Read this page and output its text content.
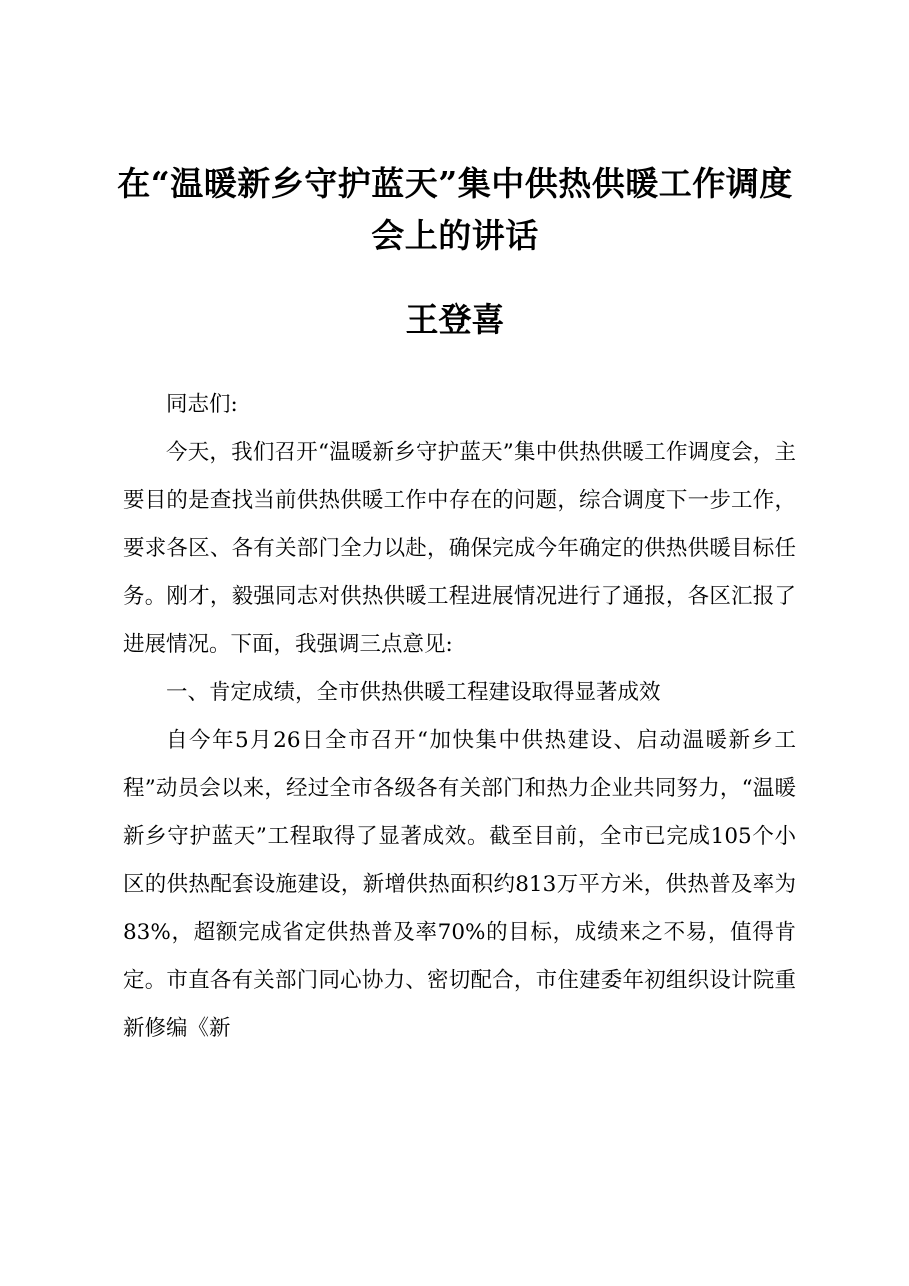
在“温暖新乡守护蓝天”集中供热供暖工作调度会上的讲话
王登喜

同志们:

今天，我们召开“温暖新乡守护蓝天”集中供热供暖工作调度会，主要目的是查找当前供热供暖工作中存在的问题，综合调度下一步工作，要求各区、各有关部门全力以赴，确保完成今年确定的供热供暖目标任务。刚才，毅强同志对供热供暖工程进展情况进行了通报，各区汇报了进展情况。下面，我强调三点意见:

一、肯定成绩，全市供热供暖工程建设取得显著成效

自今年5月26日全市召开“加快集中供热建设、启动温暖新乡工程”动员会以来，经过全市各级各有关部门和热力企业共同努力，“温暖新乡守护蓝天”工程取得了显著成效。截至目前，全市已完成105个小区的供热配套设施建设，新增供热面积约813万平方米，供热普及率为83%，超额完成省定供热普及率70%的目标，成绩来之不易，值得肯定。市直各有关部门同心协力、密切配合，市住建委年初组织设计院重新修编《新
